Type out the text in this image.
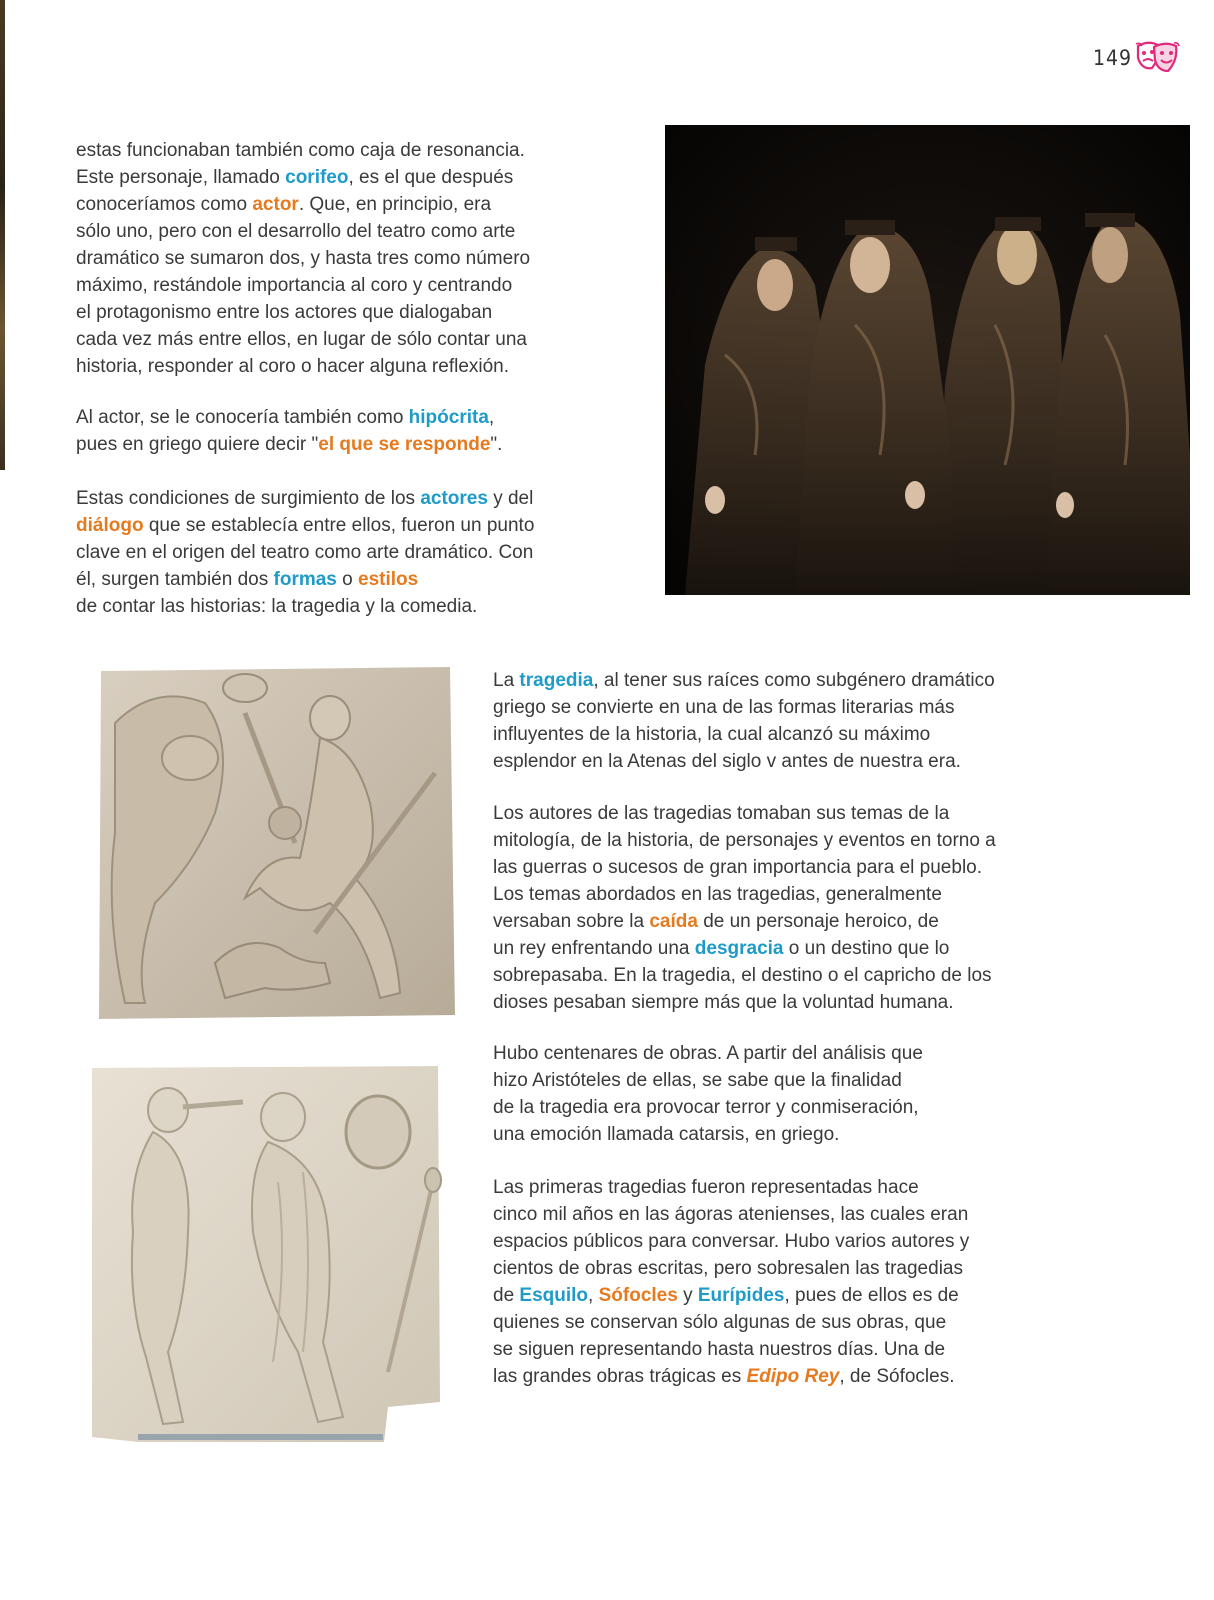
149
estas funcionaban también como caja de resonancia.
Este personaje, llamado corifeo, es el que después
conoceríamos como actor. Que, en principio, era
sólo uno, pero con el desarrollo del teatro como arte
dramático se sumaron dos, y hasta tres como número
máximo, restándole importancia al coro y centrando
el protagonismo entre los actores que dialogaban
cada vez más entre ellos, en lugar de sólo contar una
historia, responder al coro o hacer alguna reflexión.
Al actor, se le conocería también como hipócrita,
pues en griego quiere decir "el que se responde".
Estas condiciones de surgimiento de los actores y del
diálogo que se establecía entre ellos, fueron un punto
clave en el origen del teatro como arte dramático. Con
él, surgen también dos formas o estilos
de contar las historias: la tragedia y la comedia.
La tragedia, al tener sus raíces como subgénero dramático
griego se convierte en una de las formas literarias más
influyentes de la historia, la cual alcanzó su máximo
esplendor en la Atenas del siglo v antes de nuestra era.
Los autores de las tragedias tomaban sus temas de la
mitología, de la historia, de personajes y eventos en torno a
las guerras o sucesos de gran importancia para el pueblo.
Los temas abordados en las tragedias, generalmente
versaban sobre la caída de un personaje heroico, de
un rey enfrentando una desgracia o un destino que lo
sobrepasaba. En la tragedia, el destino o el capricho de los
dioses pesaban siempre más que la voluntad humana.
Hubo centenares de obras. A partir del análisis que
hizo Aristóteles de ellas, se sabe que la finalidad
de la tragedia era provocar terror y conmiseración,
una emoción llamada catarsis, en griego.
Las primeras tragedias fueron representadas hace
cinco mil años en las ágoras atenienses, las cuales eran
espacios públicos para conversar. Hubo varios autores y
cientos de obras escritas, pero sobresalen las tragedias
de Esquilo, Sófocles y Eurípides, pues de ellos es de
quienes se conservan sólo algunas de sus obras, que
se siguen representando hasta nuestros días. Una de
las grandes obras trágicas es Edipo Rey, de Sófocles.
